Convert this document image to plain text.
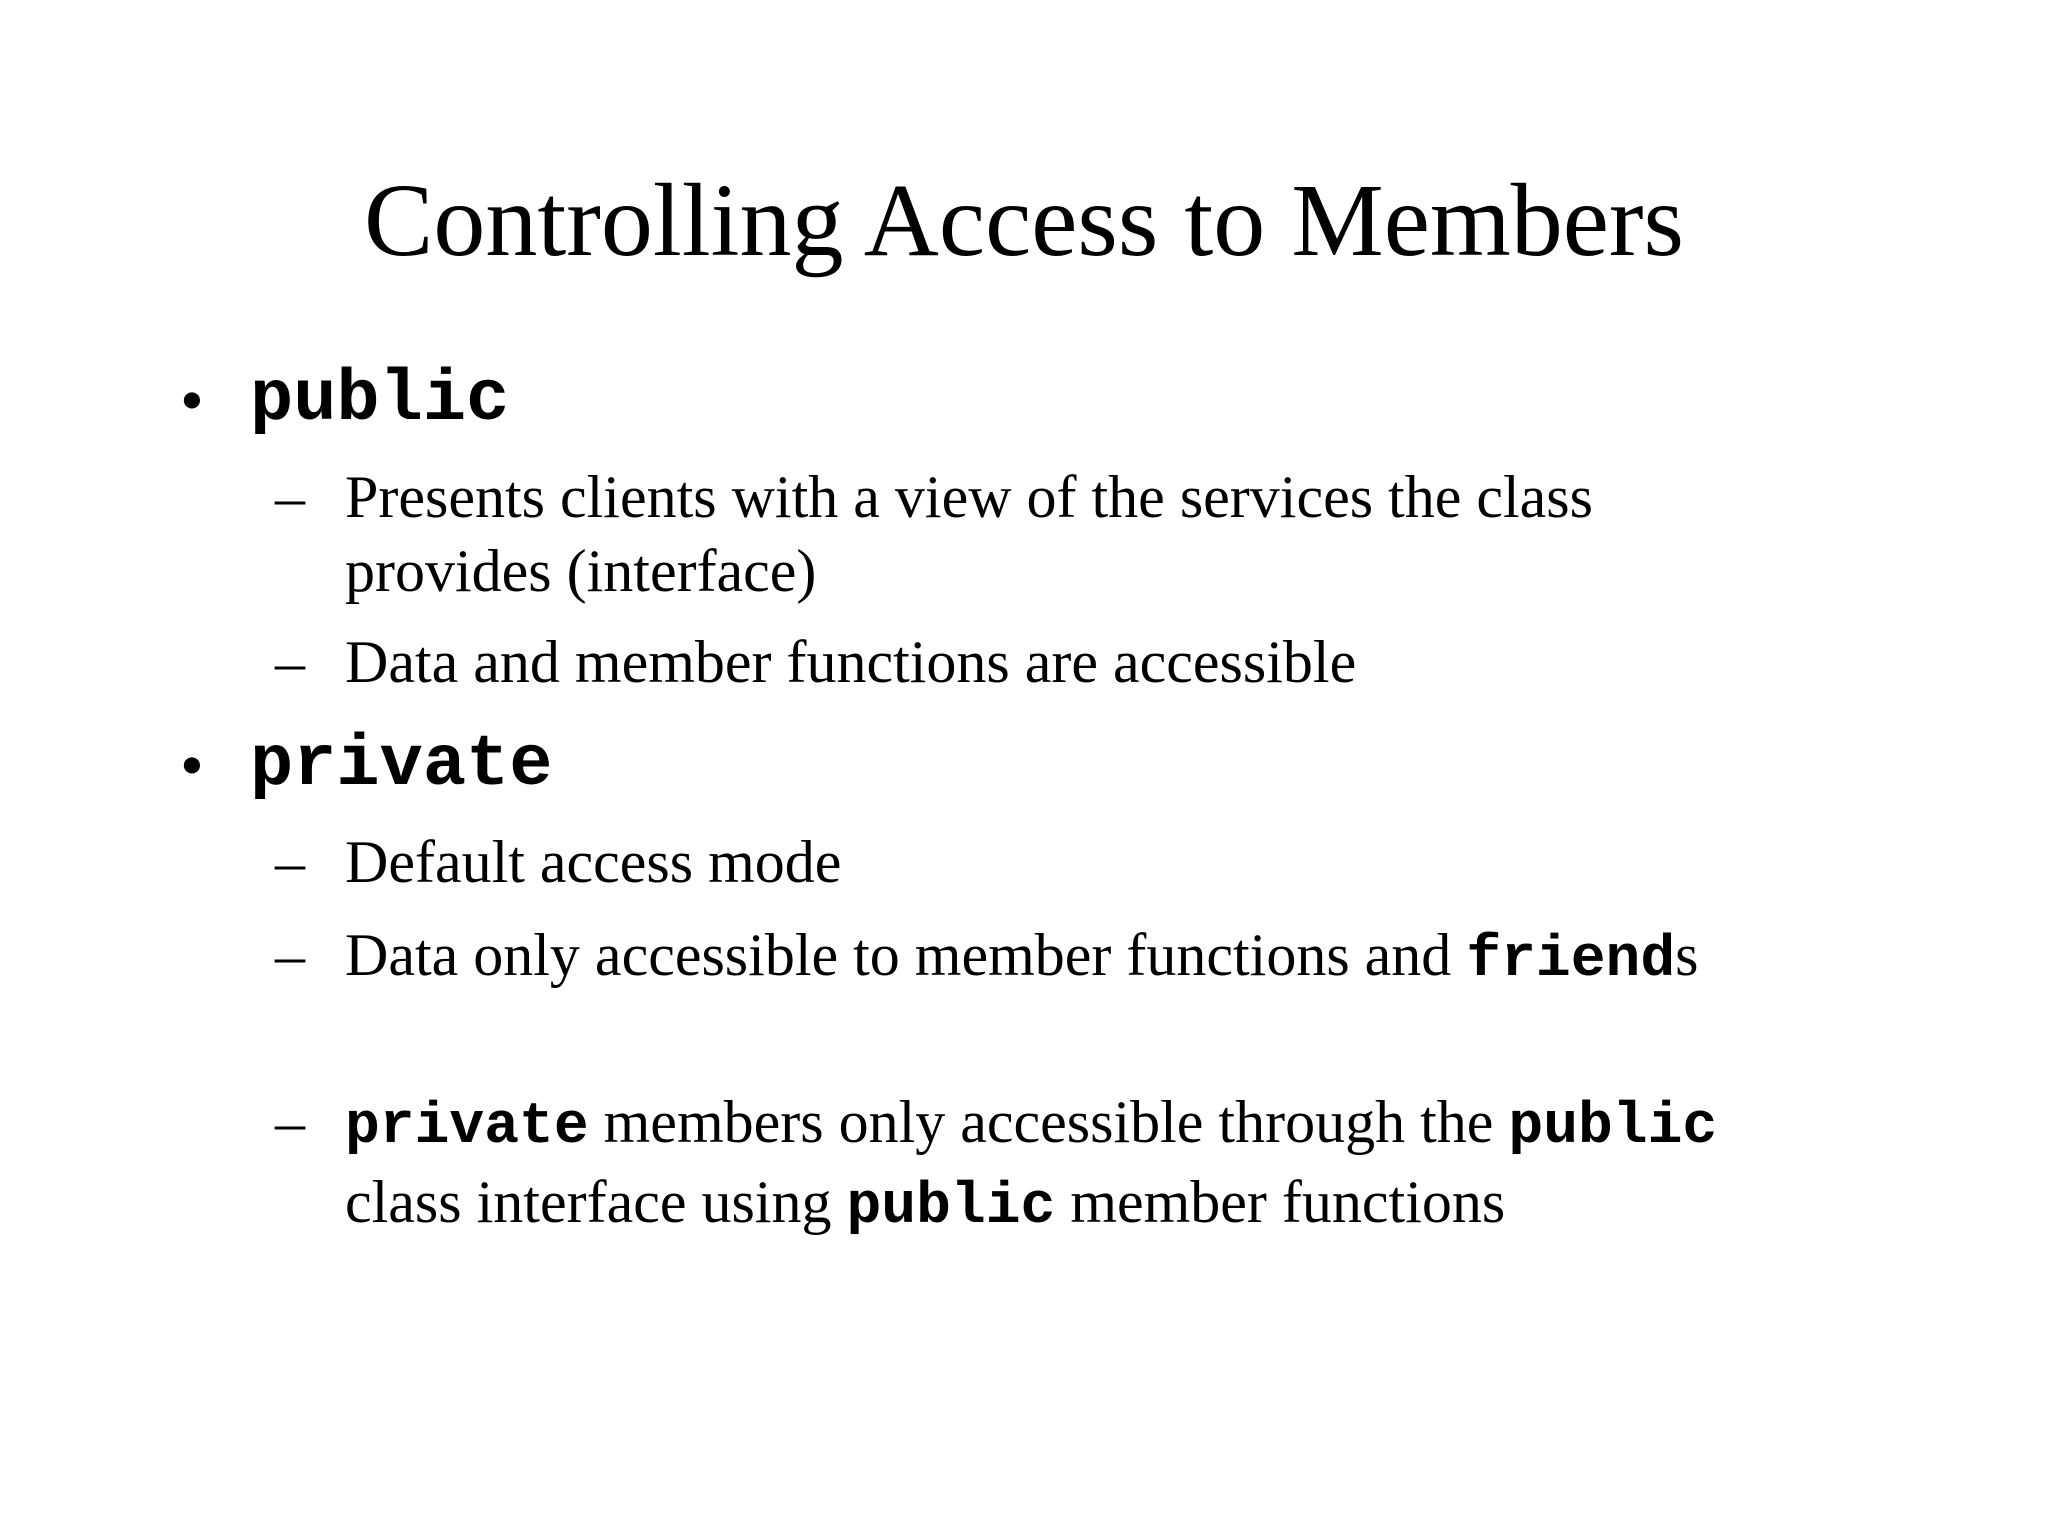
Controlling Access to Members
• public
– Presents clients with a view of the services the class provides (interface)
– Data and member functions are accessible
• private
– Default access mode
– Data only accessible to member functions and friends
– private members only accessible through the public class interface using public member functions
